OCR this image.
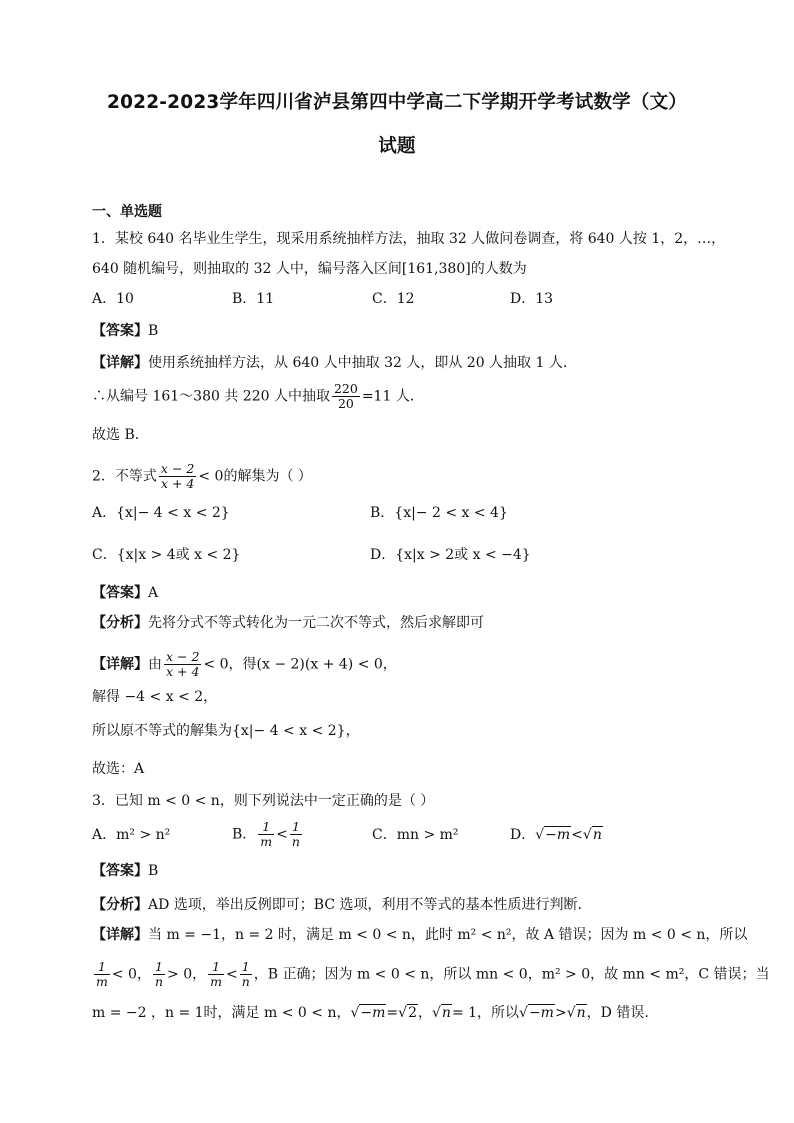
2022-2023学年四川省泸县第四中学高二下学期开学考试数学（文）
试题
一、单选题
1．某校 640 名毕业生学生，现采用系统抽样方法，抽取 32 人做问卷调查，将 640 人按 1，2，…，
640 随机编号，则抽取的 32 人中，编号落入区间[161,380]的人数为
A．10	B．11	C．12	D．13
【答案】B
【详解】使用系统抽样方法，从 640 人中抽取 32 人，即从 20 人抽取 1 人．
∴从编号 161～380 共 220 人中抽取 $\frac{220}{20} =11$ 人．
故选 B．
2．不等式 $\frac{x - 2}{x + 4} < 0$的解集为（ ）
A．{x|− 4 < x < 2}	B．{x|− 2 < x < 4}
C．{x|x > 4或 x < 2}	D．{x|x > 2或 x < −4}
【答案】A
【分析】先将分式不等式转化为一元二次不等式，然后求解即可
【详解】由 $\frac{x - 2}{x + 4} < 0$，得(x − 2)(x + 4) < 0，
解得 −4 < x < 2，
所以原不等式的解集为{x|− 4 < x < 2}，
故选：A
3．已知 m < 0 < n，则下列说法中一定正确的是（ ）
A．m² > n²	B． $\frac{1}{m} < \frac{1}{n}$	C．mn > m²	D．√−m<√n
【答案】B
【分析】AD 选项，举出反例即可；BC 选项，利用不等式的基本性质进行判断.
【详解】当 m = −1，n = 2 时，满足 m < 0 < n，此时 m² < n²，故 A 错误；因为 m < 0 < n，所以
$\frac{1}{m} < 0$， $\frac{1}{n} > 0$， $\frac{1}{m} < \frac{1}{n}$ ，B 正确；因为 m < 0 < n，所以 mn < 0，m² > 0，故 mn < m²，C 错误；当
m = −2 ，n = 1时，满足 m < 0 < n，√−m=√2，√n= 1，所以√−m>√n，D 错误.
